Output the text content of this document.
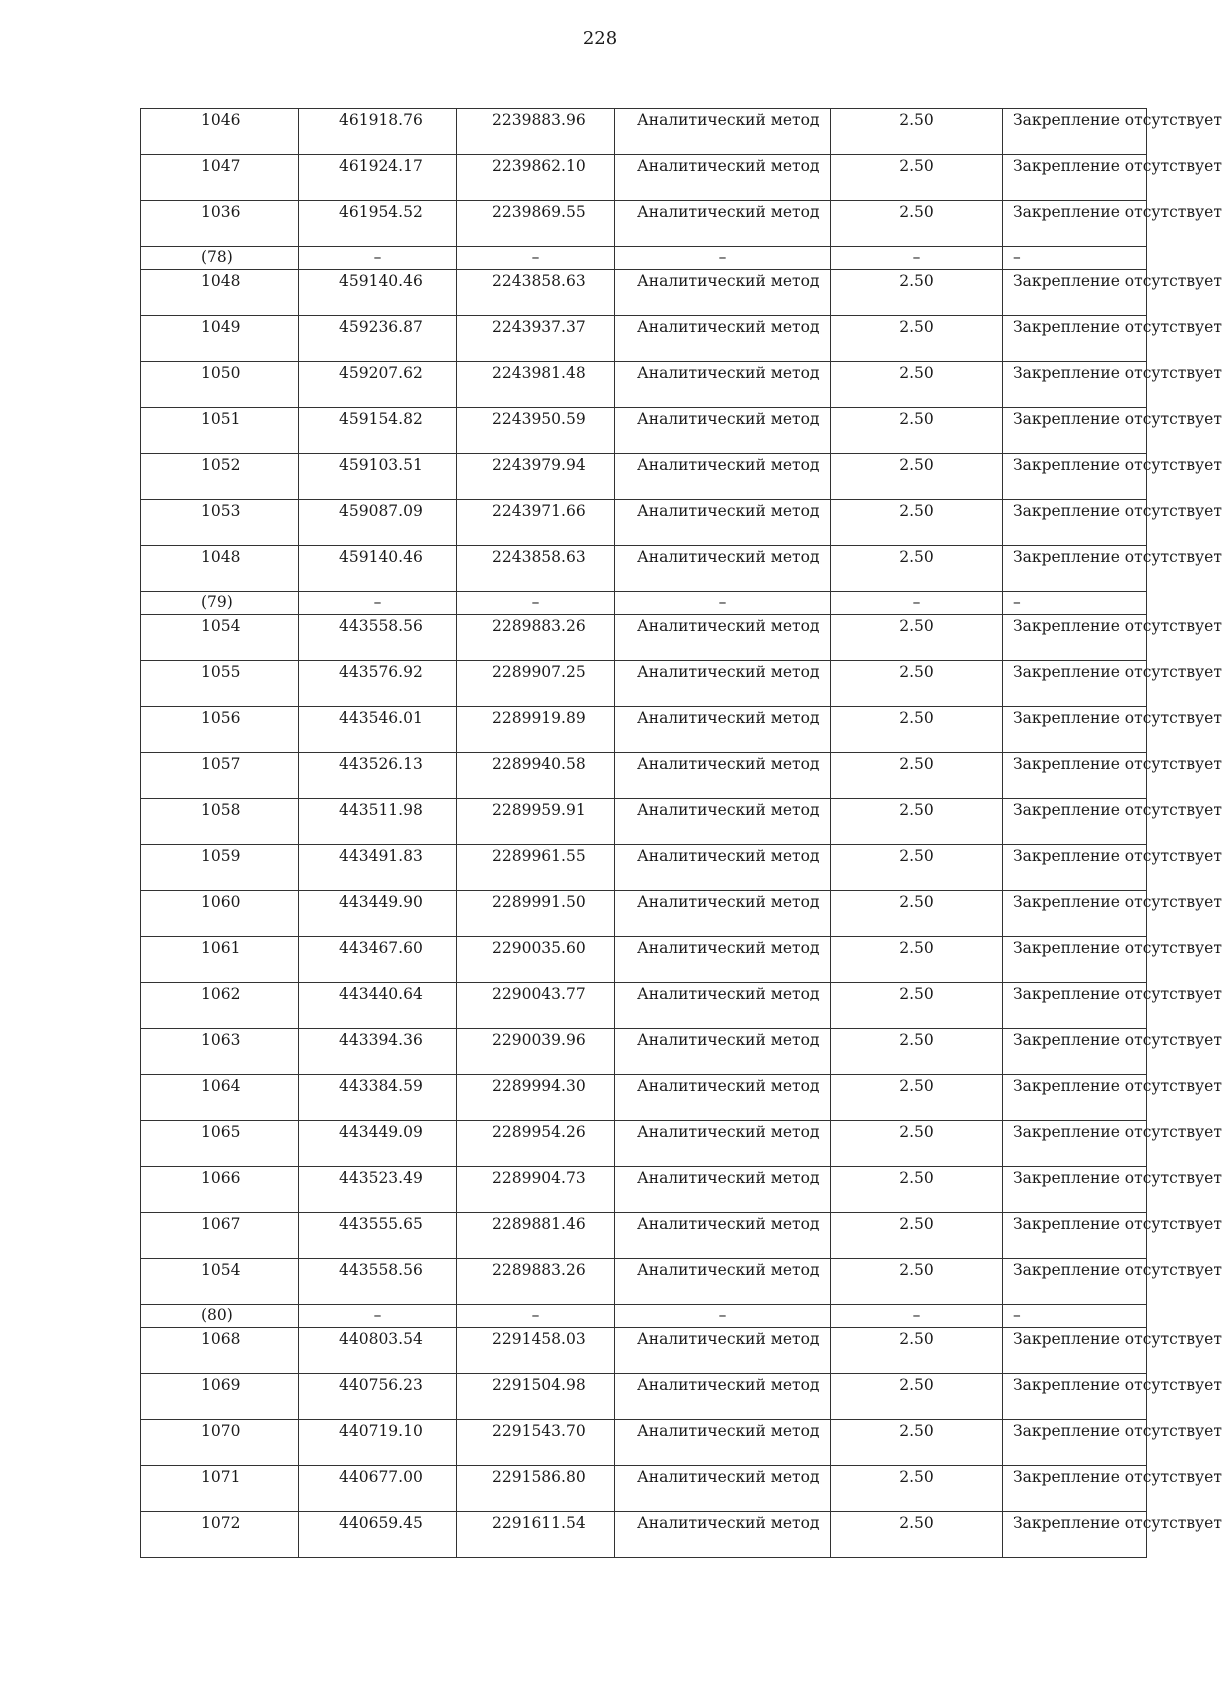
228
1046	461918.76	2239883.96	Аналитический метод	2.50	Закрепление отсутствует
1047	461924.17	2239862.10	Аналитический метод	2.50	Закрепление отсутствует
1036	461954.52	2239869.55	Аналитический метод	2.50	Закрепление отсутствует
(78)	–	–	–	–	–
1048	459140.46	2243858.63	Аналитический метод	2.50	Закрепление отсутствует
1049	459236.87	2243937.37	Аналитический метод	2.50	Закрепление отсутствует
1050	459207.62	2243981.48	Аналитический метод	2.50	Закрепление отсутствует
1051	459154.82	2243950.59	Аналитический метод	2.50	Закрепление отсутствует
1052	459103.51	2243979.94	Аналитический метод	2.50	Закрепление отсутствует
1053	459087.09	2243971.66	Аналитический метод	2.50	Закрепление отсутствует
1048	459140.46	2243858.63	Аналитический метод	2.50	Закрепление отсутствует
(79)	–	–	–	–	–
1054	443558.56	2289883.26	Аналитический метод	2.50	Закрепление отсутствует
1055	443576.92	2289907.25	Аналитический метод	2.50	Закрепление отсутствует
1056	443546.01	2289919.89	Аналитический метод	2.50	Закрепление отсутствует
1057	443526.13	2289940.58	Аналитический метод	2.50	Закрепление отсутствует
1058	443511.98	2289959.91	Аналитический метод	2.50	Закрепление отсутствует
1059	443491.83	2289961.55	Аналитический метод	2.50	Закрепление отсутствует
1060	443449.90	2289991.50	Аналитический метод	2.50	Закрепление отсутствует
1061	443467.60	2290035.60	Аналитический метод	2.50	Закрепление отсутствует
1062	443440.64	2290043.77	Аналитический метод	2.50	Закрепление отсутствует
1063	443394.36	2290039.96	Аналитический метод	2.50	Закрепление отсутствует
1064	443384.59	2289994.30	Аналитический метод	2.50	Закрепление отсутствует
1065	443449.09	2289954.26	Аналитический метод	2.50	Закрепление отсутствует
1066	443523.49	2289904.73	Аналитический метод	2.50	Закрепление отсутствует
1067	443555.65	2289881.46	Аналитический метод	2.50	Закрепление отсутствует
1054	443558.56	2289883.26	Аналитический метод	2.50	Закрепление отсутствует
(80)	–	–	–	–	–
1068	440803.54	2291458.03	Аналитический метод	2.50	Закрепление отсутствует
1069	440756.23	2291504.98	Аналитический метод	2.50	Закрепление отсутствует
1070	440719.10	2291543.70	Аналитический метод	2.50	Закрепление отсутствует
1071	440677.00	2291586.80	Аналитический метод	2.50	Закрепление отсутствует
1072	440659.45	2291611.54	Аналитический метод	2.50	Закрепление отсутствует
